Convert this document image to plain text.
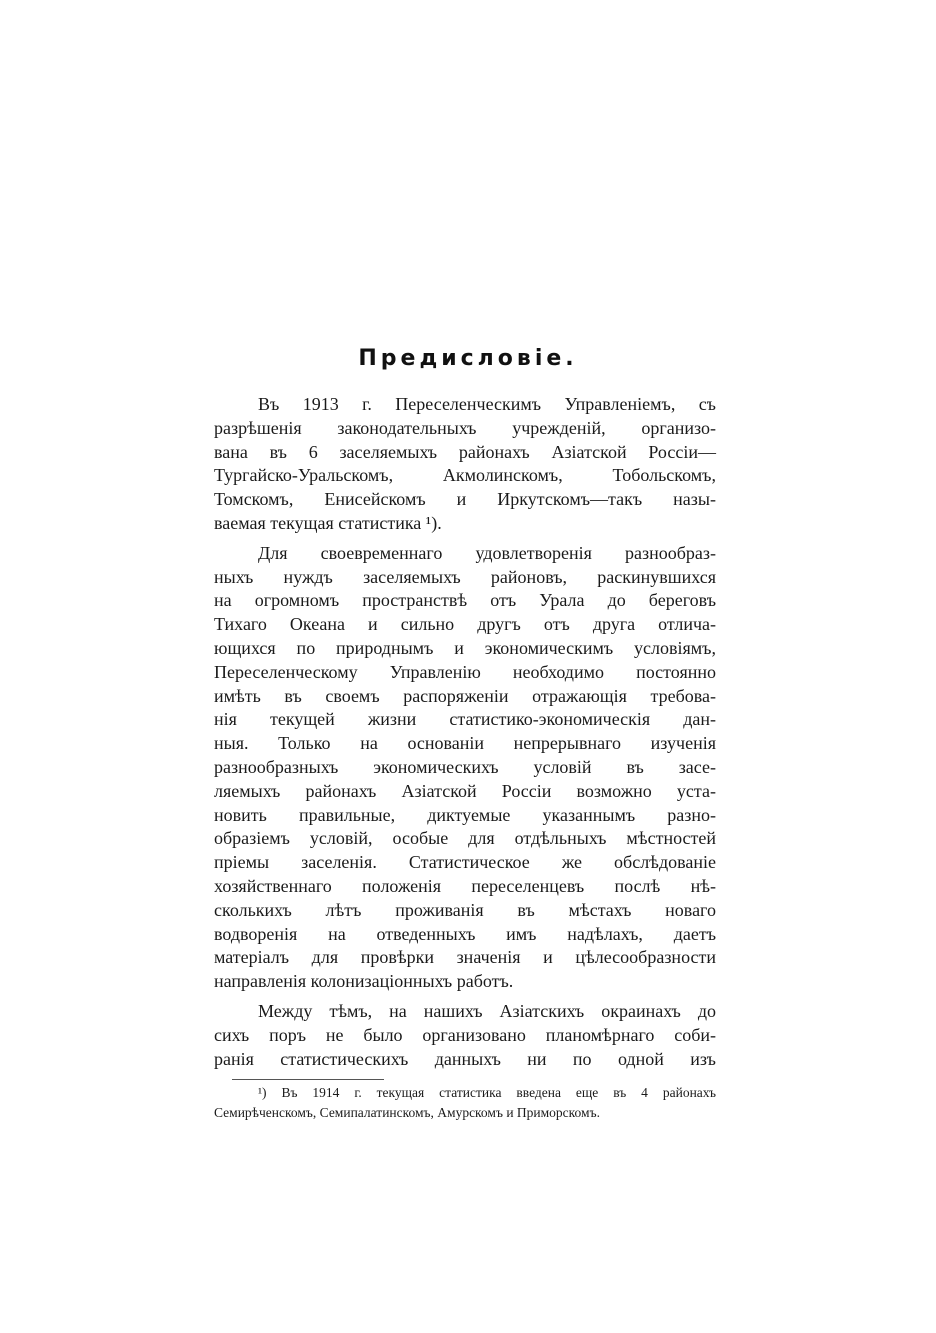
Предисловіе.

Въ 1913 г. Переселенческимъ Управленіемъ, съ
разрѣшенія законодательныхъ учрежденій, организо-
вана въ 6 заселяемыхъ районахъ Азіатской Россіи—
Тургайско-Уральскомъ, Акмолинскомъ, Тобольскомъ,
Томскомъ, Енисейскомъ и Иркутскомъ—такъ назы-
ваемая текущая статистика ¹).

Для своевременнаго удовлетворенія разнообраз-
ныхъ нуждъ заселяемыхъ районовъ, раскинувшихся
на огромномъ пространствѣ отъ Урала до береговъ
Тихаго Океана и сильно другъ отъ друга отлича-
ющихся по природнымъ и экономическимъ условіямъ,
Переселенческому Управленію необходимо постоянно
имѣть въ своемъ распоряженіи отражающія требова-
нія текущей жизни статистико-экономическія дан-
ныя. Только на основаніи непрерывнаго изученія
разнообразныхъ экономическихъ условій въ засе-
ляемыхъ районахъ Азіатской Россіи возможно уста-
новить правильные, диктуемые указаннымъ разно-
образіемъ условій, особые для отдѣльныхъ мѣстностей
пріемы заселенія. Статистическое же обслѣдованіе
хозяйственнаго положенія переселенцевъ послѣ нѣ-
сколькихъ лѣтъ проживанія въ мѣстахъ новаго
водворенія на отведенныхъ имъ надѣлахъ, даетъ
матеріалъ для провѣрки значенія и цѣлесообразности
направленія колонизаціонныхъ работъ.

Между тѣмъ, на нашихъ Азіатскихъ окраинахъ до
сихъ поръ не было организовано планомѣрнаго соби-
ранія статистическихъ данныхъ ни по одной изъ

¹) Въ 1914 г. текущая статистика введена еще въ 4 районахъ
Семирѣченскомъ, Семипалатинскомъ, Амурскомъ и Приморскомъ.
